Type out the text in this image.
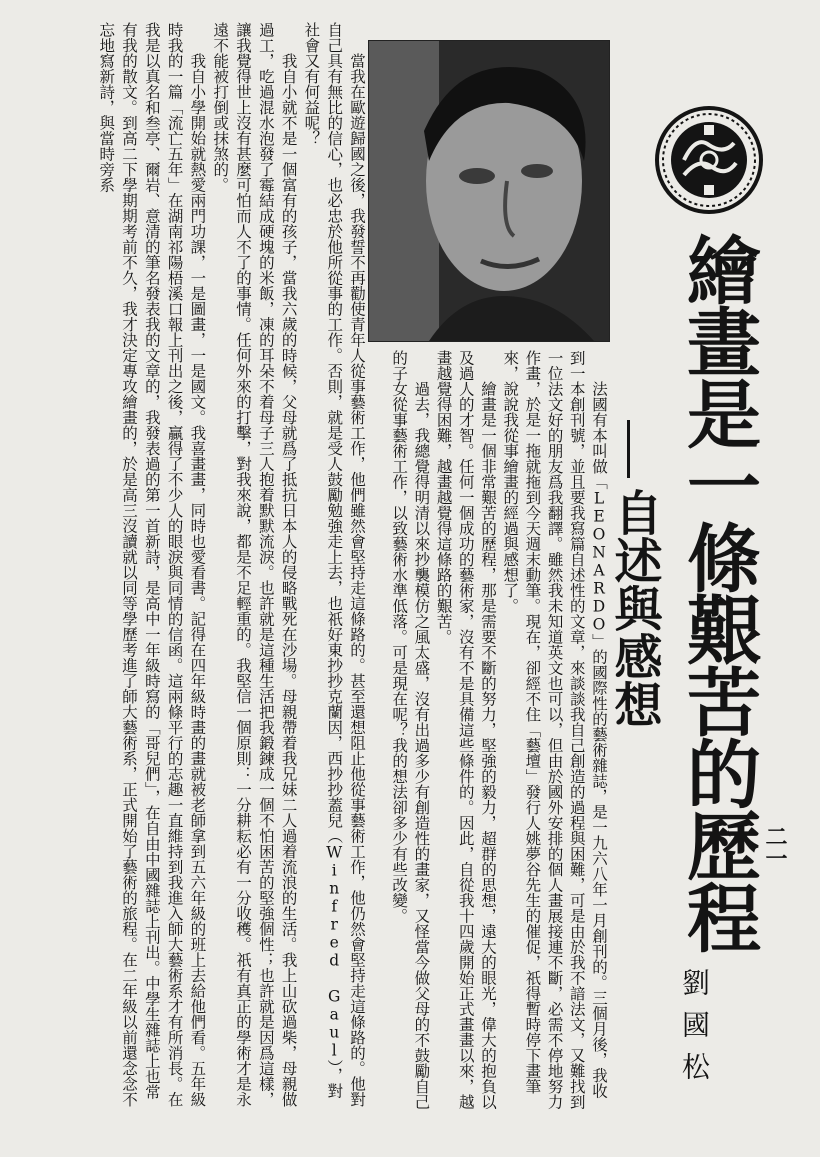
繪畫是一條艱苦的歷程
自述與感想
劉國松
二一

法國有本叫做「LEONARDO」的國際性的藝術雜誌，是一九六八年一月創刊的。三個月後，我收到一本創刊號，並且要我寫篇自述性的文章，來談談我自己創造的過程與困難，可是由於我不諳法文，又難找到一位法文好的朋友爲我翻譯。雖然我未知道英文也可以，但由於國外安排的個人畫展接連不斷，必需不停地努力作畫，於是一拖就拖到今天週末動筆。現在，卻經不住「藝壇」發行人姚夢谷先生的催促，祇得暫時停下畫筆來，說說我從事繪畫的經過與感想了。

繪畫是一個非常艱苦的歷程，那是需要不斷的努力，堅強的毅力，超群的思想，遠大的眼光，偉大的抱負以及過人的才智。任何一個成功的藝術家，沒有不是具備這些條件的。因此，自從我十四歲開始正式畫畫以來，越畫越覺得困難，越畫越覺得這條路的艱苦。

過去，我總覺得明清以來抄襲模仿之風太盛，沒有出過多少有創造性的畫家，又怪當今做父母的不鼓勵自己的子女從事藝術工作，以致藝術水準低落。可是現在呢？我的想法卻多少有些改變。

當我在歐遊歸國之後，我發誓不再勸使青年人從事藝術工作，他們雖然會堅持走這條路的。甚至還想阻止他從事藝術工作，他仍然會堅持走這條路的。他對自己具有無比的信心，也必忠於他所從事的工作。否則，就是受人鼓勵勉強走上去，也祇好東抄抄克蘭因，西抄抄蓋兒（Winfred Gaul），對社會又有何益呢？

我自小就不是一個富有的孩子，當我六歲的時候，父母就爲了抵抗日本人的侵略戰死在沙場。母親帶着我兄妹二人過着流浪的生活。我上山砍過柴，母親做過工，吃過混水泡發了霉結成硬塊的米飯，凍的耳朵不着母子三人抱着默默流淚。也許就是這種生活把我鍛鍊成一個不怕困苦的堅強個性；也許就是因爲這樣，讓我覺得世上沒有甚麼可怕而人不了的事情。任何外來的打擊，對我來說，都是不足輕重的。我堅信一個原則：一分耕耘必有一分收穫。祇有真正的學術才是永遠不能被打倒或抹煞的。

我自小學開始就熱愛兩門功課，一是圖畫，一是國文。我喜畫畫，同時也愛看書。記得在四年級時畫的畫就被老師拿到五六年級的班上去給他們看。五年級時我的一篇「流亡五年」在湖南祁陽梧溪口報上刊出之後，贏得了不少人的眼淚與同情的信函。這兩條平行的志趣一直維持到我進入師大藝術系才有所消長。在我是以真名和叁亭、爾岩、意清的筆名發表我的文章的，我發表過的第一首新詩，是高中一年級時寫的「哥兒們」，在自由中國雜誌上刊出。中學生雜誌上也常有我的散文。到高二下學期期考前不久，我才決定專攻繪畫的，於是高三沒讀就以同等學歷考進了師大藝術系，正式開始了藝術的旅程。在二年級以前還念念不忘地寫新詩，與當時旁系
